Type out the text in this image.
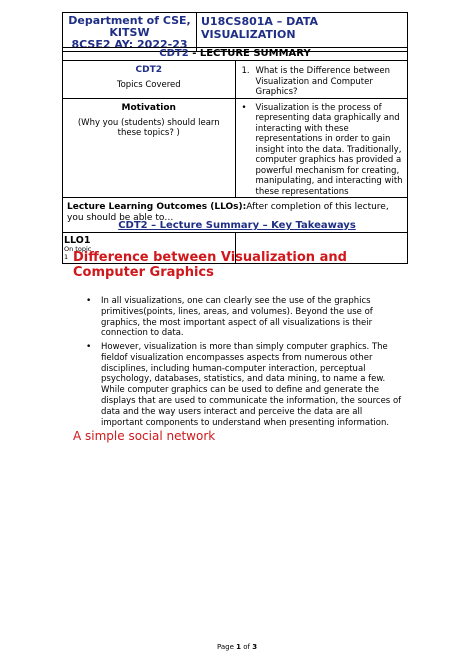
Department of CSE,
KITSW
8CSE2 AY: 2022-23
	U18CS801A – DATA VISUALIZATION
CDT2 - LECTURE SUMMARY	

CDT2
Topics Covered	1. What is the Difference between Visualization and Computer Graphics?

Motivation
(Why you (students) should learn these topics? )	• Visualization is the process of representing data graphically and interacting with these representations in order to gain insight into the data. Traditionally, computer graphics has provided a powerful mechanism for creating, manipulating, and interacting with these representations

Lecture Learning Outcomes (LLOs):After completion of this lecture, you should be able to…	

LLO1
On topic 1	

CDT2 – Lecture Summary – Key Takeaways
Difference between Visualization and Computer Graphics
•	In all visualizations, one can clearly see the use of the graphics primitives(points, lines, areas, and volumes). Beyond the use of graphics, the most important aspect of all visualizations is their connection to data.
•	However, visualization is more than simply computer graphics. The fieldof visualization encompasses aspects from numerous other disciplines, including human-computer interaction, perceptual psychology, databases, statistics, and data mining, to name a few. While computer graphics can be used to define and generate the displays that are used to communicate the information, the sources of data and the way users interact and perceive the data are all important components to understand when presenting information.
A simple social network
Page 1 of 3
